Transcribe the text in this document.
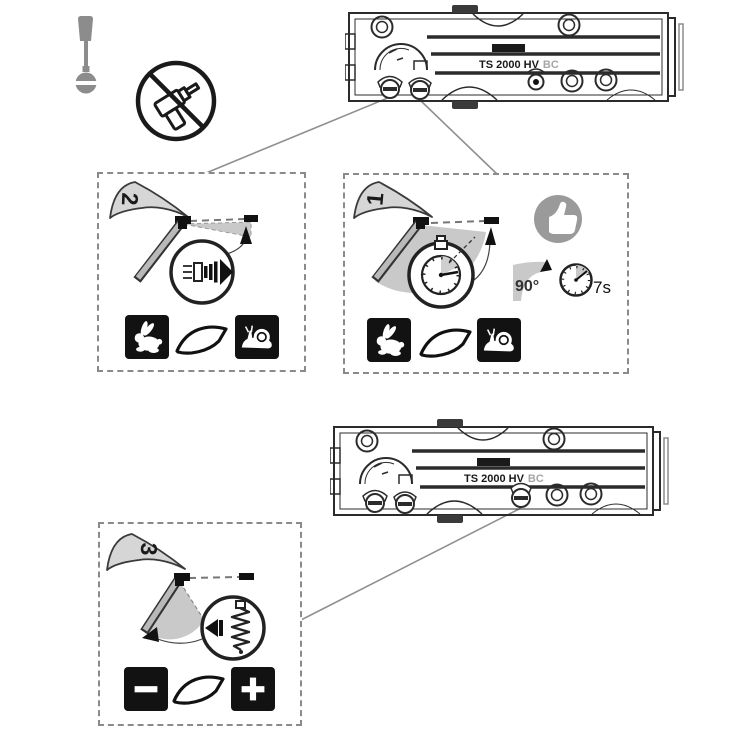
TS 2000 HV BC
TS 2000 HV BC
2	1
90°	7s
3
